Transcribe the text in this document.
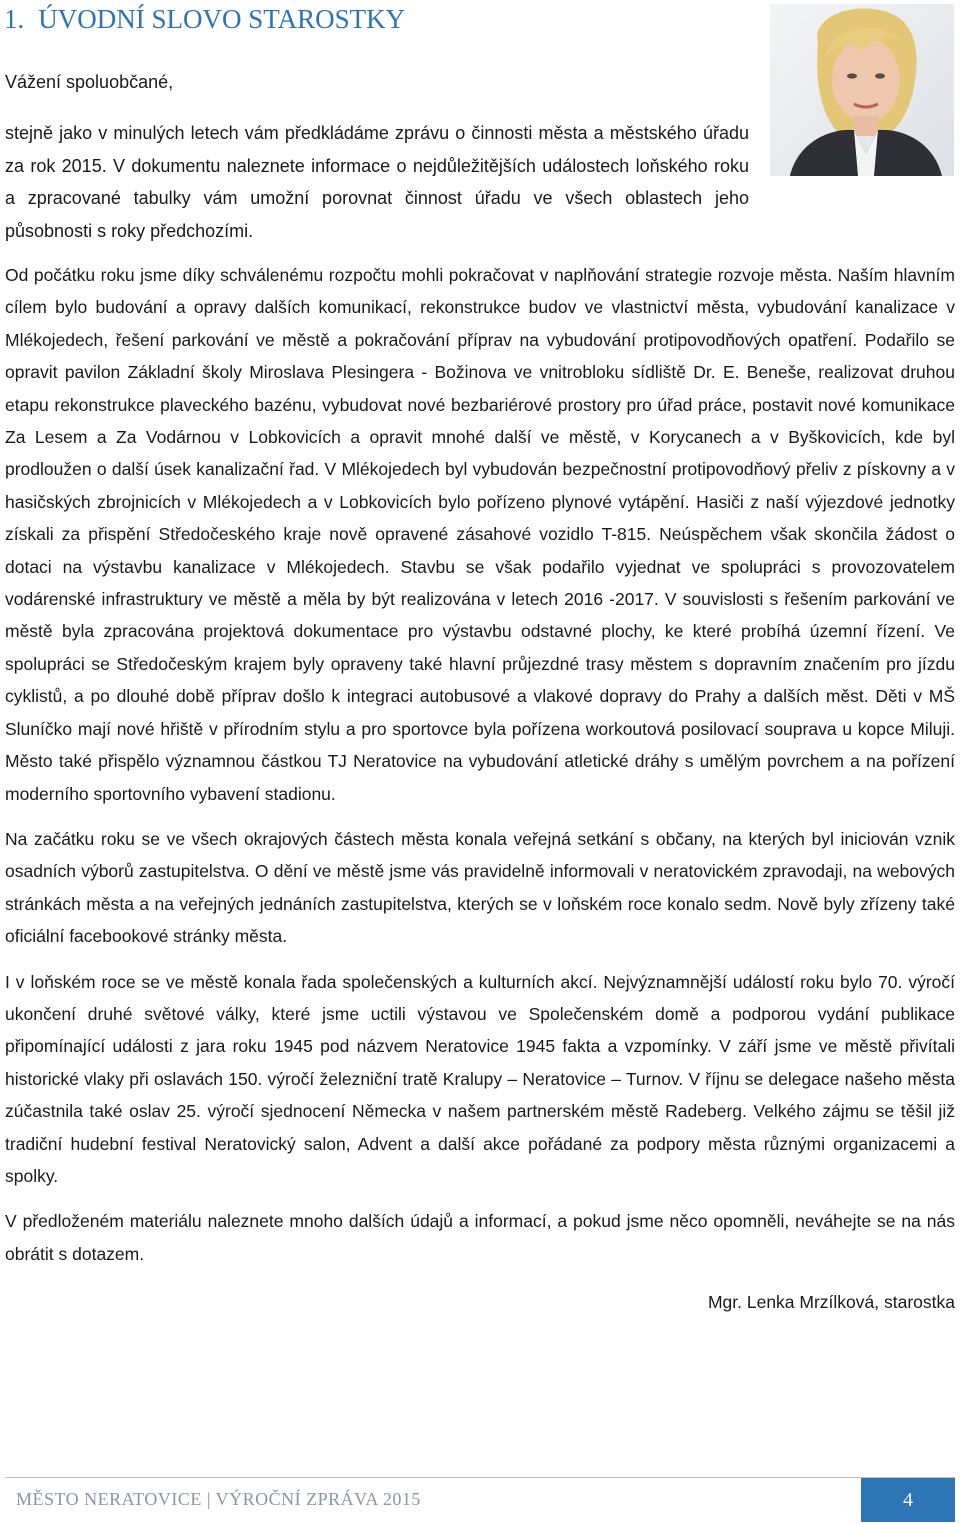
1. ÚVODNÍ SLOVO STAROSTKY
Vážení spoluobčané,

stejně jako v minulých letech vám předkládáme zprávu o činnosti města a městského úřadu za rok 2015. V dokumentu naleznete informace o nejdůležitějších událostech loňského roku a zpracované tabulky vám umožní porovnat činnost úřadu ve všech oblastech jeho působnosti s roky předchozími.

Od počátku roku jsme díky schválenému rozpočtu mohli pokračovat v naplňování strategie rozvoje města. Naším hlavním cílem bylo budování a opravy dalších komunikací, rekonstrukce budov ve vlastnictví města, vybudování kanalizace v Mlékojedech, řešení parkování ve městě a pokračování příprav na vybudování protipovodňových opatření. Podařilo se opravit pavilon Základní školy Miroslava Plesingera - Božinova ve vnitrobloku sídliště Dr. E. Beneše, realizovat druhou etapu rekonstrukce plaveckého bazénu, vybudovat nové bezbariérové prostory pro úřad práce, postavit nové komunikace Za Lesem a Za Vodárnou v Lobkovicích a opravit mnohé další ve městě, v Korycanech a v Byškovicích, kde byl prodloužen o další úsek kanalizační řad. V Mlékojedech byl vybudován bezpečnostní protipovodňový přeliv z pískovny a v hasičských zbrojnicích v Mlékojedech a v Lobkovicích bylo pořízeno plynové vytápění. Hasiči z naší výjezdové jednotky získali za přispění Středočeského kraje nově opravené zásahové vozidlo T-815. Neúspěchem však skončila žádost o dotaci na výstavbu kanalizace v Mlékojedech. Stavbu se však podařilo vyjednat ve spolupráci s provozovatelem vodárenské infrastruktury ve městě a měla by být realizována v letech 2016 -2017. V souvislosti s řešením parkování ve městě byla zpracována projektová dokumentace pro výstavbu odstavné plochy, ke které probíhá územní řízení. Ve spolupráci se Středočeským krajem byly opraveny také hlavní průjezdné trasy městem s dopravním značením pro jízdu cyklistů, a po dlouhé době příprav došlo k integraci autobusové a vlakové dopravy do Prahy a dalších měst. Děti v MŠ Sluníčko mají nové hřiště v přírodním stylu a pro sportovce byla pořízena workoutová posilovací souprava u kopce Miluji. Město také přispělo významnou částkou TJ Neratovice na vybudování atletické dráhy s umělým povrchem a na pořízení moderního sportovního vybavení stadionu.

Na začátku roku se ve všech okrajových částech města konala veřejná setkání s občany, na kterých byl iniciován vznik osadních výborů zastupitelstva. O dění ve městě jsme vás pravidelně informovali v neratovickém zpravodaji, na webových stránkách města a na veřejných jednáních zastupitelstva, kterých se v loňském roce konalo sedm. Nově byly zřízeny také oficiální facebookové stránky města.

I v loňském roce se ve městě konala řada společenských a kulturních akcí. Nejvýznamnější událostí roku bylo 70. výročí ukončení druhé světové války, které jsme uctili výstavou ve Společenském domě a podporou vydání publikace připomínající události z jara roku 1945 pod názvem Neratovice 1945 fakta a vzpomínky. V září jsme ve městě přivítali historické vlaky při oslavách 150. výročí železniční tratě Kralupy – Neratovice – Turnov. V říjnu se delegace našeho města zúčastnila také oslav 25. výročí sjednocení Německa v našem partnerském městě Radeberg. Velkého zájmu se těšil již tradiční hudební festival Neratovický salon, Advent a další akce pořádané za podpory města různými organizacemi a spolky.

V předloženém materiálu naleznete mnoho dalších údajů a informací, a pokud jsme něco opomněli, neváhejte se na nás obrátit s dotazem.

Mgr. Lenka Mrzílková, starostka

MĚSTO NERATOVICE | VÝROČNÍ ZPRÁVA 2015	4
